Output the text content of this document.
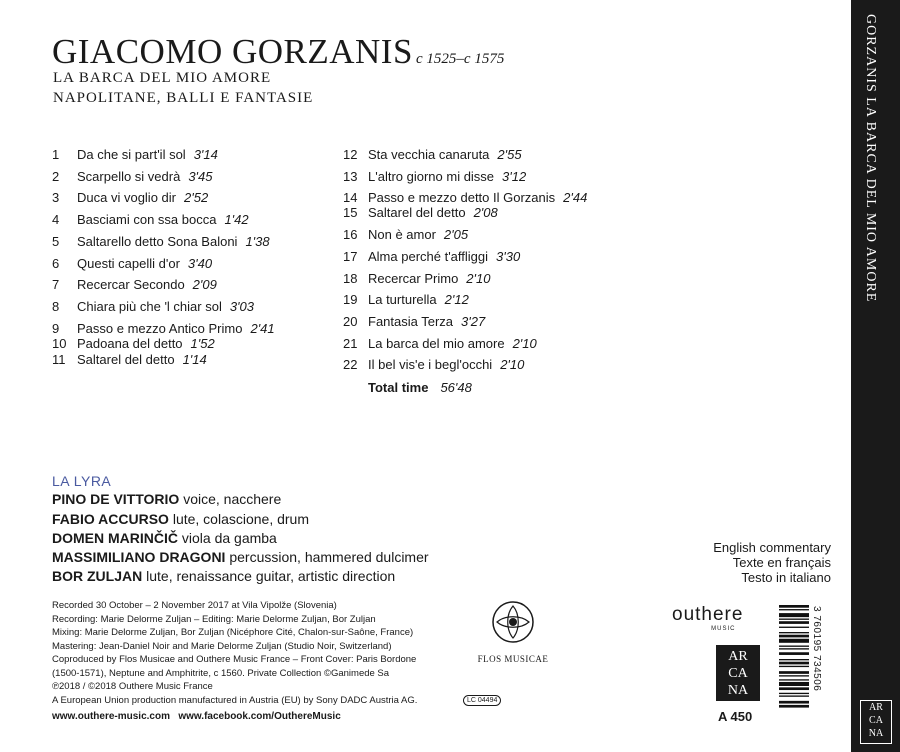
GIACOMO GORZANIS c 1525–c 1575
LA BARCA DEL MIO AMORE
NAPOLITANE, BALLI E FANTASIE
1 Da che si part'il sol 3'14
2 Scarpello si vedrà 3'45
3 Duca vi voglio dir 2'52
4 Basciami con ssa bocca 1'42
5 Saltarello detto Sona Baloni 1'38
6 Questi capelli d'or 3'40
7 Recercar Secondo 2'09
8 Chiara più che 'l chiar sol 3'03
9 Passo e mezzo Antico Primo 2'41
10 Padoana del detto 1'52
11 Saltarel del detto 1'14
12 Sta vecchia canaruta 2'55
13 L'altro giorno mi disse 3'12
14 Passo e mezzo detto Il Gorzanis 2'44
15 Saltarel del detto 2'08
16 Non è amor 2'05
17 Alma perché t'affliggi 3'30
18 Recercar Primo 2'10
19 La turturella 2'12
20 Fantasia Terza 3'27
21 La barca del mio amore 2'10
22 Il bel vis'e i begl'occhi 2'10
Total time 56'48
LA LYRA
PINO DE VITTORIO voice, nacchere
FABIO ACCURSO lute, colascione, drum
DOMEN MARINČIČ viola da gamba
MASSIMILIANO DRAGONI percussion, hammered dulcimer
BOR ZULJAN lute, renaissance guitar, artistic direction
English commentary
Texte en français
Testo in italiano
Recorded 30 October – 2 November 2017 at Vila Vipolže (Slovenia)
Recording: Marie Delorme Zuljan – Editing: Marie Delorme Zuljan, Bor Zuljan
Mixing: Marie Delorme Zuljan, Bor Zuljan (Nicéphore Cité, Chalon-sur-Saône, France)
Mastering: Jean-Daniel Noir and Marie Delorme Zuljan (Studio Noir, Switzerland)
Coproduced by Flos Musicae and Outhere Music France – Front Cover: Paris Bordone
(1500-1571), Neptune and Amphitrite, c 1560. Private Collection ©Ganimede Sa
℗2018 / ©2018 Outhere Music France
A European Union production manufactured in Austria (EU) by Sony DADC Austria AG.	LC 04494
www.outhere-music.com www.facebook.com/OuthereMusic
FLOS MUSICAE
outhere
MUSIC
AR
CA
NA
A 450
3 760195 734506
GORZANIS LA BARCA DEL MIO AMORE
AR
CA
NA
